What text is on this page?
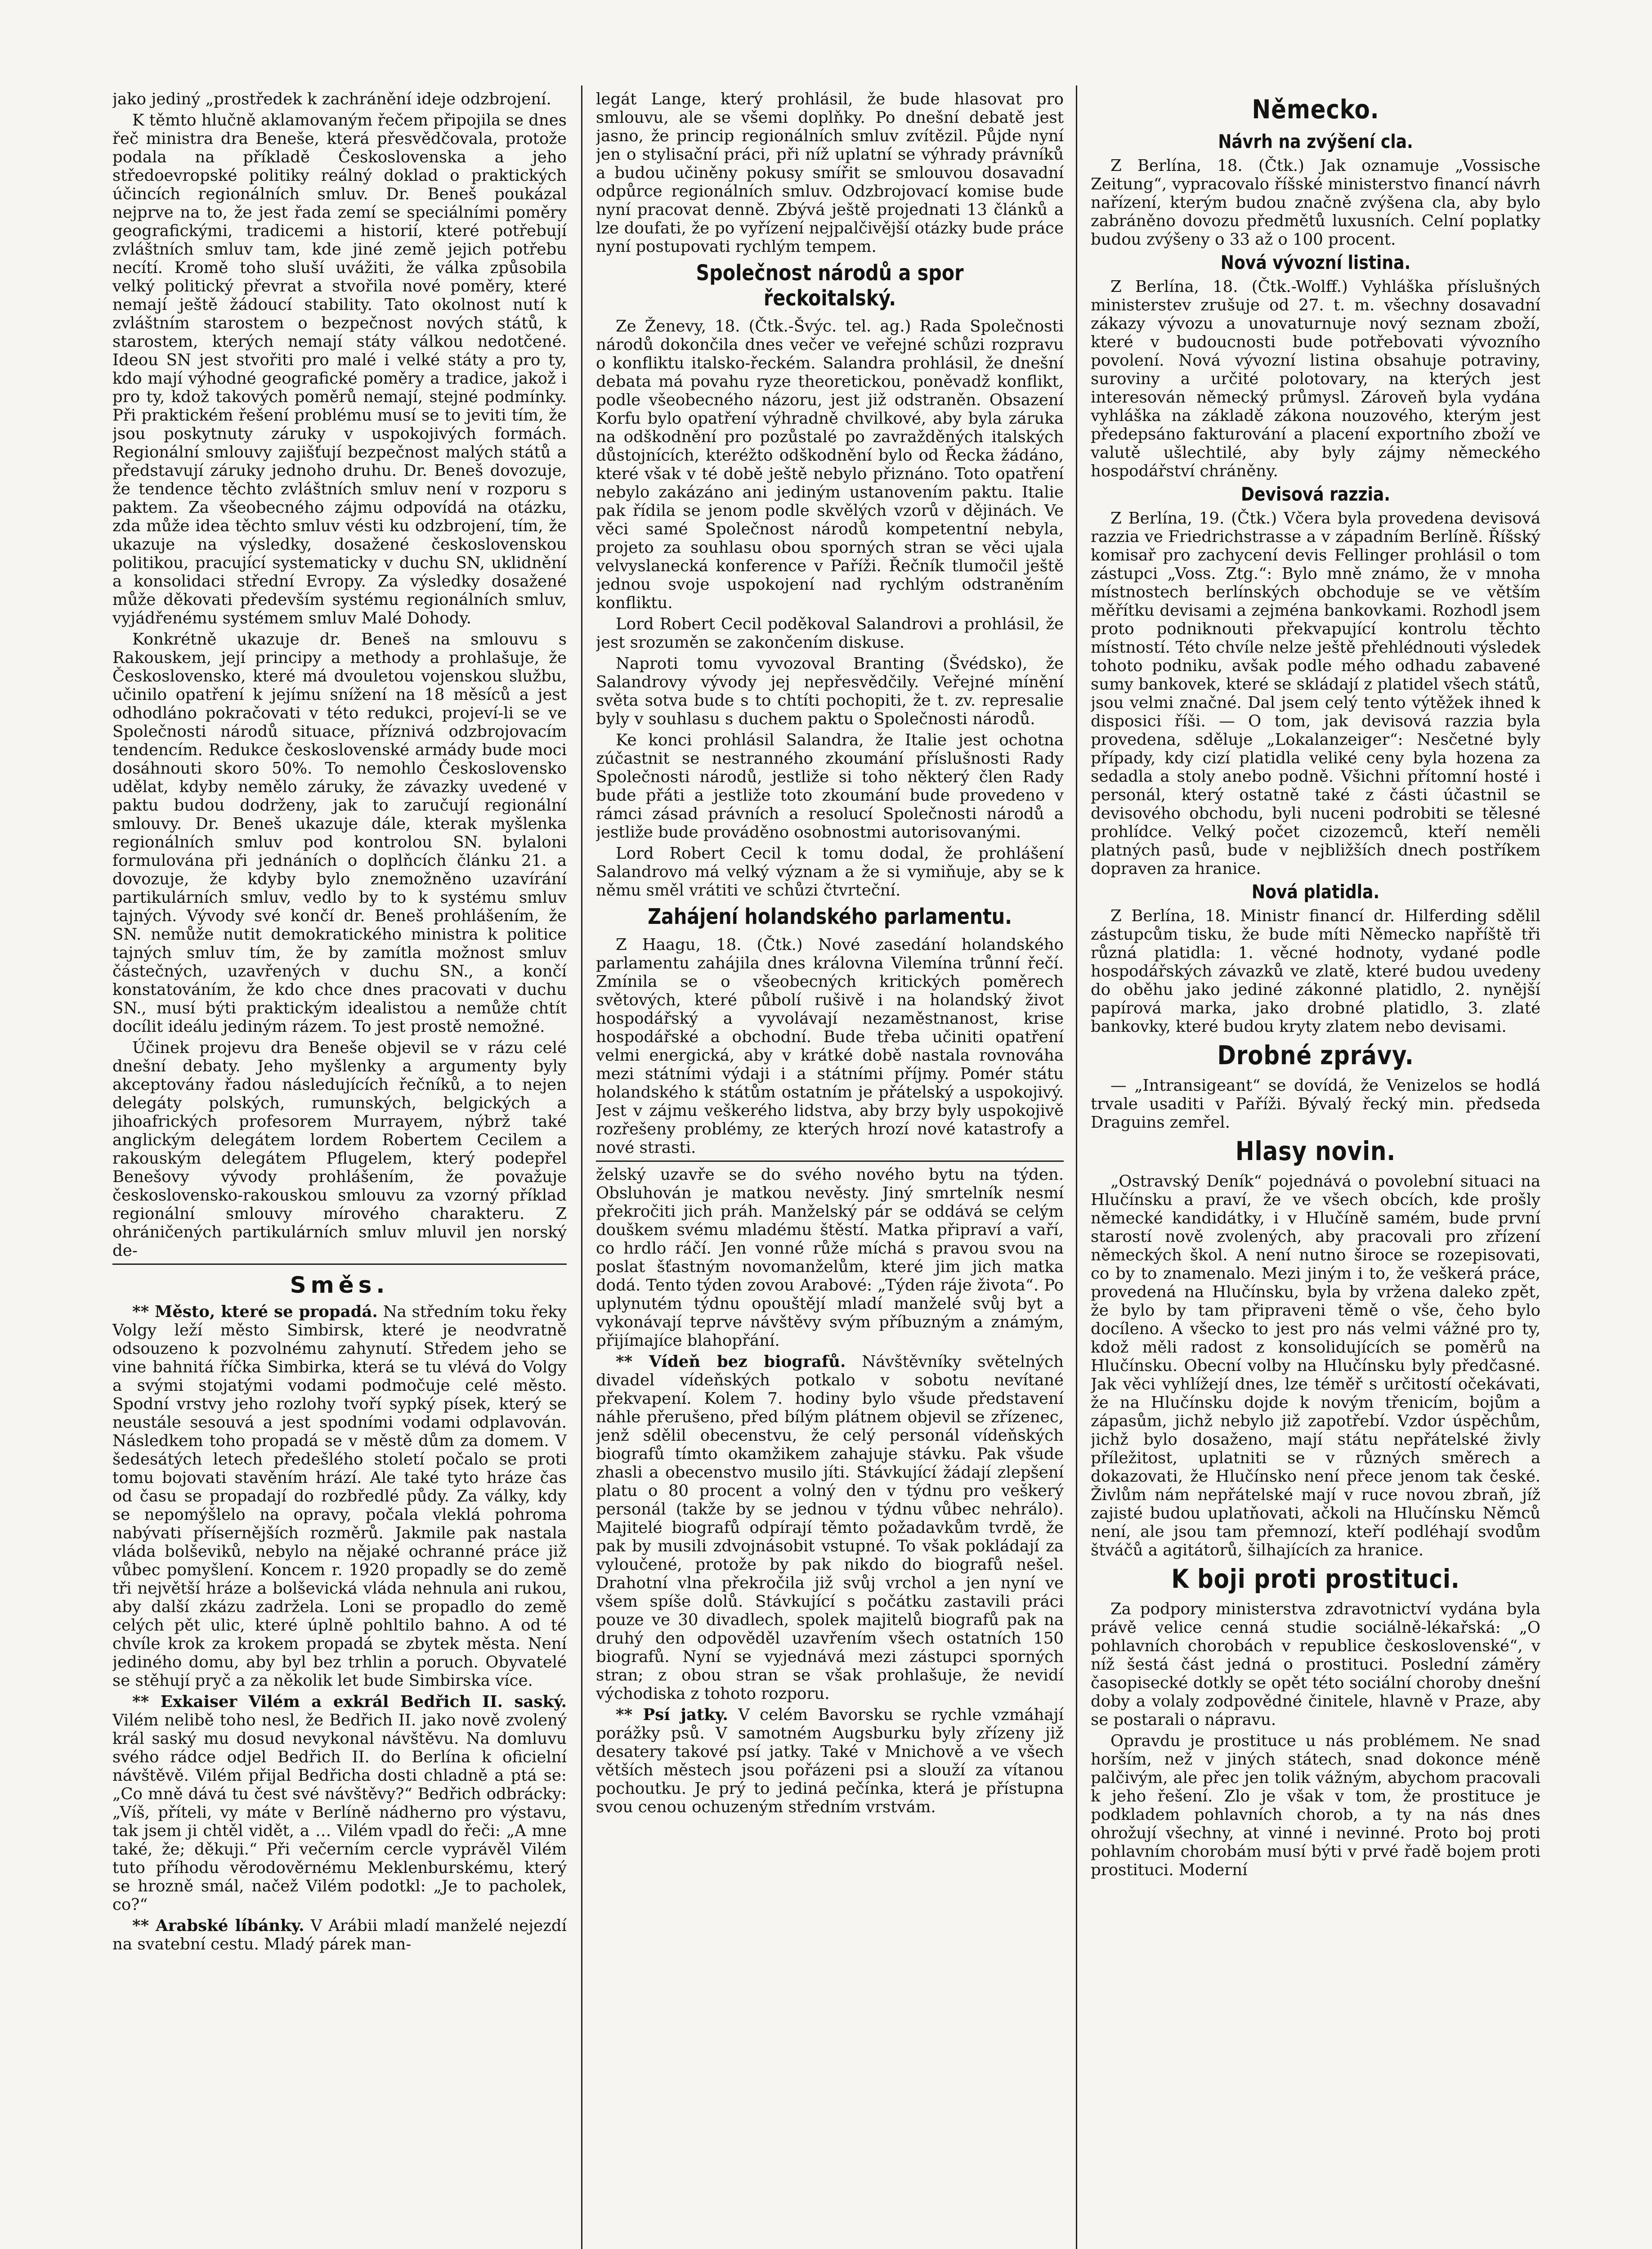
jako jediný „prostředek k zachránění ideje odzbrojení.

K těmto hlučně aklamovaným řečem připojila se dnes řeč ministra dra Beneše, která přesvědčovala, protože podala na příkladě Československa a jeho středoevropské politiky reálný doklad o praktických účincích regionálních smluv. Dr. Beneš poukázal nejprve na to, že jest řada zemí se speciálními poměry geografickými, tradicemi a historií, které potřebují zvláštních smluv tam, kde jiné země jejich potřebu necítí. Kromě toho sluší uvážiti, že válka způsobila velký politický převrat a stvořila nové poměry, které nemají ještě žádoucí stability. Tato okolnost nutí k zvláštním starostem o bezpečnost nových států, k starostem, kterých nemají státy válkou nedotčené. Ideou SN jest stvořiti pro malé i velké státy a pro ty, kdo mají výhodné geografické poměry a tradice, jakož i pro ty, kdož takových poměrů nemají, stejné podmínky. Při praktickém řešení problému musí se to jeviti tím, že jsou poskytnuty záruky v uspokojivých formách. Regionální smlouvy zajišťují bezpečnost malých států a představují záruky jednoho druhu. Dr. Beneš dovozuje, že tendence těchto zvláštních smluv není v rozporu s paktem. Za všeobecného zájmu odpovídá na otázku, zda může idea těchto smluv vésti ku odzbrojení, tím, že ukazuje na výsledky, dosažené československou politikou, pracující systematicky v duchu SN, uklidnění a konsolidaci střední Evropy. Za výsledky dosažené může děkovati především systému regionálních smluv, vyjádřenému systémem smluv Malé Dohody.

Konkrétně ukazuje dr. Beneš na smlouvu s Rakouskem, její principy a methody a prohlašuje, že Československo, které má dvouletou vojenskou službu, učinilo opatření k jejímu snížení na 18 měsíců a jest odhodláno pokračovati v této redukci, projeví-li se ve Společnosti národů situace, příznivá odzbrojovacím tendencím. Redukce československé armády bude moci dosáhnouti skoro 50%. To nemohlo Československo udělat, kdyby nemělo záruky, že závazky uvedené v paktu budou dodrženy, jak to zaručují regionální smlouvy. Dr. Beneš ukazuje dále, kterak myšlenka regionálních smluv pod kontrolou SN. bylaloni formulována při jednáních o doplňcích článku 21. a dovozuje, že kdyby bylo znemožněno uzavírání partikulárních smluv, vedlo by to k systému smluv tajných. Vývody své končí dr. Beneš prohlášením, že SN. nemůže nutit demokratického ministra k politice tajných smluv tím, že by zamítla možnost smluv částečných, uzavřených v duchu SN., a končí konstatováním, že kdo chce dnes pracovati v duchu SN., musí býti praktickým idealistou a nemůže chtít docílit ideálu jediným rázem. To jest prostě nemožné.

Účinek projevu dra Beneše objevil se v rázu celé dnešní debaty. Jeho myšlenky a argumenty byly akceptovány řadou následujících řečníků, a to nejen delegáty polských, rumunských, belgických a jihoafrických profesorem Murrayem, nýbrž také anglickým delegátem lordem Robertem Cecilem a rakouským delegátem Pflugelem, který podepřel Benešovy vývody prohlášením, že považuje československo-rakouskou smlouvu za vzorný příklad regionální smlouvy mírového charakteru. Z ohráničených partikulárních smluv mluvil jen norský de-

Směs.

** Město, které se propadá. Na středním toku řeky Volgy leží město Simbirsk, které je neodvratně odsouzeno k pozvolnému zahynutí. Středem jeho se vine bahnitá říčka Simbirka, která se tu vlévá do Volgy a svými stojatými vodami podmočuje celé město. Spodní vrstvy jeho rozlohy tvoří sypký písek, který se neustále sesouvá a jest spodními vodami odplavován. Následkem toho propadá se v městě dům za domem. V šedesátých letech předešlého století počalo se proti tomu bojovati stavěním hrází. Ale také tyto hráze čas od času se propadají do rozbředlé půdy. Za války, kdy se nepomýšlelo na opravy, počala vleklá pohroma nabývati přísernějších rozměrů. Jakmile pak nastala vláda bolševiků, nebylo na nějaké ochranné práce již vůbec pomyšlení. Koncem r. 1920 propadly se do země tři největší hráze a bolševická vláda nehnula ani rukou, aby další zkázu zadržela. Loni se propadlo do země celých pět ulic, které úplně pohltilo bahno. A od té chvíle krok za krokem propadá se zbytek města. Není jediného domu, aby byl bez trhlin a poruch. Obyvatelé se stěhují pryč a za několik let bude Simbirska více.

** Exkaiser Vilém a exkrál Bedřich II. saský. Vilém nelibě toho nesl, že Bedřich II. jako nově zvolený král saský mu dosud nevykonal návštěvu. Na domluvu svého rádce odjel Bedřich II. do Berlína k oficielní návštěvě. Vilém přijal Bedřicha dosti chladně a ptá se: „Co mně dává tu čest své návštěvy?“ Bedřich odbrácky: „Víš, příteli, vy máte v Berlíně nádherno pro výstavu, tak jsem ji chtěl vidět, a … Vilém vpadl do řeči: „A mne také, že; děkuji.“ Při večerním cercle vyprávěl Vilém tuto příhodu věrodověrnému Meklenburskému, který se hrozně smál, načež Vilém podotkl: „Je to pacholek, co?“

** Arabské líbánky. V Arábii mladí manželé nejezdí na svatební cestu. Mladý párek man-

legát Lange, který prohlásil, že bude hlasovat pro smlouvu, ale se všemi doplňky. Po dnešní debatě jest jasno, že princip regionálních smluv zvítězil. Půjde nyní jen o stylisační práci, při níž uplatní se výhrady právníků a budou učiněny pokusy smířit se smlouvou dosavadní odpůrce regionálních smluv. Odzbrojovací komise bude nyní pracovat denně. Zbývá ještě projednati 13 článků a lze doufati, že po vyřízení nejpalčivější otázky bude práce nyní postupovati rychlým tempem.

Společnost národů a spor řeckoitalský.

Ze Ženevy, 18. (Čtk.-Švýc. tel. ag.) Rada Společnosti národů dokončila dnes večer ve veřejné schůzi rozpravu o konfliktu italsko-řeckém. Salandra prohlásil, že dnešní debata má povahu ryze theoretickou, poněvadž konflikt, podle všeobecného názoru, jest již odstraněn. Obsazení Korfu bylo opatření výhradně chvilkové, aby byla záruka na odškodnění pro pozůstalé po zavražděných italských důstojnících, kteréžto odškodnění bylo od Řecka žádáno, které však v té době ještě nebylo přiznáno. Toto opatření nebylo zakázáno ani jediným ustanovením paktu. Italie pak řídila se jenom podle skvělých vzorů v dějinách. Ve věci samé Společnost národů kompetentní nebyla, projeto za souhlasu obou sporných stran se věci ujala velvyslanecká konference v Paříži. Řečník tlumočil ještě jednou svoje uspokojení nad rychlým odstraněním konfliktu.

Lord Robert Cecil poděkoval Salandrovi a prohlásil, že jest srozuměn se zakončením diskuse.

Naproti tomu vyvozoval Branting (Švédsko), že Salandrovy vývody jej nepřesvědčily. Veřejné mínění světa sotva bude s to chtíti pochopiti, že t. zv. represalie byly v souhlasu s duchem paktu o Společnosti národů.

Ke konci prohlásil Salandra, že Italie jest ochotna zúčastnit se nestranného zkoumání příslušnosti Rady Společnosti národů, jestliže si toho některý člen Rady bude přáti a jestliže toto zkoumání bude provedeno v rámci zásad právních a resolucí Společnosti národů a jestliže bude prováděno osobnostmi autorisovanými.

Lord Robert Cecil k tomu dodal, že prohlášení Salandrovo má velký význam a že si vymiňuje, aby se k němu směl vrátiti ve schůzi čtvrteční.

Zahájení holandského parlamentu.

Z Haagu, 18. (Čtk.) Nové zasedání holandského parlamentu zahájila dnes královna Vilemína trůnní řečí. Zmínila se o všeobecných kritických poměrech světových, které půbolí rušivě i na holandský život hospodářský a vyvolávají nezaměstnanost, krise hospodářské a obchodní. Bude třeba učiniti opatření velmi energická, aby v krátké době nastala rovnováha mezi státními výdaji i a státními příjmy. Pomér státu holandského k státům ostatním je přátelský a uspokojivý. Jest v zájmu veškerého lidstva, aby brzy byly uspokojivě rozřešeny problémy, ze kterých hrozí nové katastrofy a nové strasti.

želský uzavře se do svého nového bytu na týden. Obsluhován je matkou nevěsty. Jiný smrtelník nesmí překročiti jich práh. Manželský pár se oddává se celým douškem svému mladému štěstí. Matka připraví a vaří, co hrdlo ráčí. Jen vonné růže míchá s pravou svou na poslat šťastným novomanželům, které jim jich matka dodá. Tento týden zovou Arabové: „Týden ráje života“. Po uplynutém týdnu opouštějí mladí manželé svůj byt a vykonávají teprve návštěvy svým příbuzným a známým, přijímajíce blahopřání.

** Vídeň bez biografů. Návštěvníky světelných divadel vídeňských potkalo v sobotu nevítané překvapení. Kolem 7. hodiny bylo všude představení náhle přerušeno, před bílým plátnem objevil se zřízenec, jenž sdělil obecenstvu, že celý personál vídeňských biografů tímto okamžikem zahajuje stávku. Pak všude zhasli a obecenstvo musilo jíti. Stávkující žádají zlepšení platu o 80 procent a volný den v týdnu pro veškerý personál (takže by se jednou v týdnu vůbec nehrálo). Majitelé biografů odpírají těmto požadavkům tvrdě, že pak by musili zdvojnásobit vstupné. To však pokládají za vyloučené, protože by pak nikdo do biografů nešel. Drahotní vlna překročila již svůj vrchol a jen nyní ve všem spíše dolů. Stávkující s počátku zastavili práci pouze ve 30 divadlech, spolek majitelů biografů pak na druhý den odpověděl uzavřením všech ostatních 150 biografů. Nyní se vyjednává mezi zástupci sporných stran; z obou stran se však prohlašuje, že nevidí východiska z tohoto rozporu.

** Psí jatky. V celém Bavorsku se rychle vzmáhají porážky psů. V samotném Augsburku byly zřízeny již desatery takové psí jatky. Také v Mnichově a ve všech větších městech jsou pořázeni psi a slouží za vítanou pochoutku. Je prý to jediná pečínka, která je přístupna svou cenou ochuzeným středním vrstvám.

Německo.
Návrh na zvýšení cla.

Z Berlína, 18. (Čtk.) Jak oznamuje „Vossische Zeitung“, vypracovalo říšské ministerstvo financí návrh nařízení, kterým budou značně zvýšena cla, aby bylo zabráněno dovozu předmětů luxusních. Celní poplatky budou zvýšeny o 33 až o 100 procent.

Nová vývozní listina.

Z Berlína, 18. (Čtk.-Wolff.) Vyhláška příslušných ministerstev zrušuje od 27. t. m. všechny dosavadní zákazy vývozu a unovaturnuje nový seznam zboží, které v budoucnosti bude potřebovati vývozního povolení. Nová vývozní listina obsahuje potraviny, suroviny a určité polotovary, na kterých jest interesován německý průmysl. Zároveň byla vydána vyhláška na základě zákona nouzového, kterým jest předepsáno fakturování a placení exportního zboží ve valutě ušlechtilé, aby byly zájmy německého hospodářství chráněny.

Devisová razzia.

Z Berlína, 19. (Čtk.) Včera byla provedena devisová razzia ve Friedrichstrasse a v západním Berlíně. Říšský komisař pro zachycení devis Fellinger prohlásil o tom zástupci „Voss. Ztg.“: Bylo mně známo, že v mnoha místnostech berlínských obchoduje se ve větším měřítku devisami a zejména bankovkami. Rozhodl jsem proto podniknouti překvapující kontrolu těchto místností. Této chvíle nelze ještě přehlédnouti výsledek tohoto podniku, avšak podle mého odhadu zabavené sumy bankovek, které se skládají z platidel všech států, jsou velmi značné. Dal jsem celý tento výtěžek ihned k disposici říši. — O tom, jak devisová razzia byla provedena, sděluje „Lokalanzeiger“: Nesčetné byly případy, kdy cizí platidla veliké ceny byla hozena za sedadla a stoly anebo podně. Všichni přítomní hosté i personál, který ostatně také z části účastnil se devisového obchodu, byli nuceni podrobiti se tělesné prohlídce. Velký počet cizozemců, kteří neměli platných pasů, bude v nejbližších dnech postříkem dopraven za hranice.

Nová platidla.

Z Berlína, 18. Ministr financí dr. Hilferding sdělil zástupcům tisku, že bude míti Německo napříště tři různá platidla: 1. věcné hodnoty, vydané podle hospodářských závazků ve zlatě, které budou uvedeny do oběhu jako jediné zákonné platidlo, 2. nynější papírová marka, jako drobné platidlo, 3. zlaté bankovky, které budou kryty zlatem nebo devisami.

Drobné zprávy.

— „Intransigeant“ se dovídá, že Venizelos se hodlá trvale usaditi v Paříži. Bývalý řecký min. předseda Draguins zemřel.

Hlasy novin.

„Ostravský Deník“ pojednává o povolební situaci na Hlučínsku a praví, že ve všech obcích, kde prošly německé kandidátky, i v Hlučíně samém, bude první starostí nově zvolených, aby pracovali pro zřízení německých škol. A není nutno široce se rozepisovati, co by to znamenalo. Mezi jiným i to, že veškerá práce, provedená na Hlučínsku, byla by vržena daleko zpět, že bylo by tam připraveni těmě o vše, čeho bylo docíleno. A všecko to jest pro nás velmi vážné pro ty, kdož měli radost z konsolidujících se poměrů na Hlučínsku. Obecní volby na Hlučínsku byly předčasné. Jak věci vyhlížejí dnes, lze téměř s určitostí očekávati, že na Hlučínsku dojde k novým třenicím, bojům a zápasům, jichž nebylo již zapotřebí. Vzdor úspěchům, jichž bylo dosaženo, mají státu nepřátelské živly příležitost, uplatniti se v různých směrech a dokazovati, že Hlučínsko není přece jenom tak české. Živlům nám nepřátelské mají v ruce novou zbraň, jíž zajisté budou uplatňovati, ačkoli na Hlučínsku Němců není, ale jsou tam přemnozí, kteří podléhají svodům štváčů a agitátorů, šilhajících za hranice.

K boji proti prostituci.

Za podpory ministerstva zdravotnictví vydána byla právě velice cenná studie sociálně-lékařská: „O pohlavních chorobách v republice československé“, v níž šestá část jedná o prostituci. Poslední záměry časopisecké dotkly se opět této sociální choroby dnešní doby a volaly zodpovědné činitele, hlavně v Praze, aby se postarali o nápravu.

Opravdu je prostituce u nás problémem. Ne snad horším, než v jiných státech, snad dokonce méně palčivým, ale přec jen tolik vážným, abychom pracovali k jeho řešení. Zlo je však v tom, že prostituce je podkladem pohlavních chorob, a ty na nás dnes ohrožují všechny, at vinné i nevinné. Proto boj proti pohlavním chorobám musí býti v prvé řadě bojem proti prostituci. Moderní
